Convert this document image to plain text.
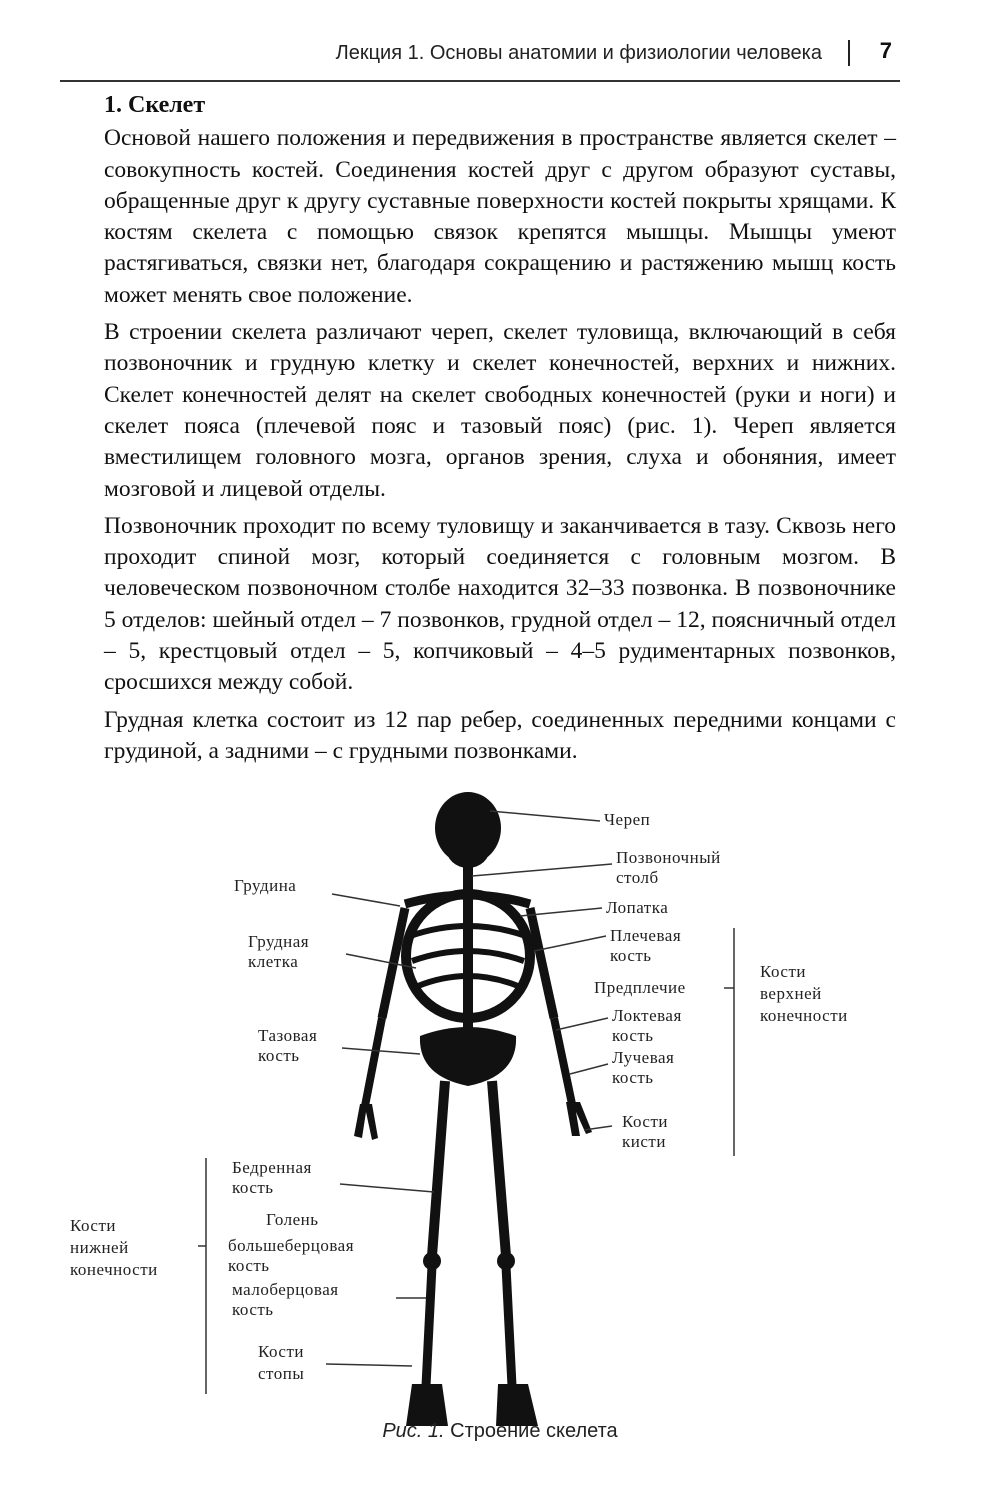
Лекция 1. Основы анатомии и физиологии человека	7
1. Скелет

Основой нашего положения и передвижения в пространстве является скелет – совокупность костей. Соединения костей друг с другом образуют суставы, обращенные друг к другу суставные поверхности костей покрыты хрящами. К костям скелета с помощью связок крепятся мышцы. Мышцы умеют растягиваться, связки нет, благодаря сокращению и растяжению мышц кость может менять свое положение.

В строении скелета различают череп, скелет туловища, включающий в себя позвоночник и грудную клетку и скелет конечностей, верхних и нижних. Скелет конечностей делят на скелет свободных конечностей (руки и ноги) и скелет пояса (плечевой пояс и тазовый пояс) (рис. 1). Череп является вместилищем головного мозга, органов зрения, слуха и обоняния, имеет мозговой и лицевой отделы.

Позвоночник проходит по всему туловищу и заканчивается в тазу. Сквозь него проходит спиной мозг, который соединяется с головным мозгом. В человеческом позвоночном столбе находится 32–33 позвонка. В позвоночнике 5 отделов: шейный отдел – 7 позвонков, грудной отдел – 12, поясничный отдел – 5, крестцовый отдел – 5, копчиковый – 4–5 рудиментарных позвонков, сросшихся между собой.

Грудная клетка состоит из 12 пар ребер, соединенных передними концами с грудиной, а задними – с грудными позвонками.

Череп
Позвоночный
столб
Лопатка
Плечевая
кость
Предплечие
Локтевая
кость
Лучевая
кость
Кости
кисти
Кости
верхней
конечности
Грудина
Грудная
клетка
Тазовая
кость
Бедренная
кость
Голень
большеберцовая
кость
малоберцовая
кость
Кости
стопы
Кости
нижней
конечности
Рис. 1. Строение скелета
